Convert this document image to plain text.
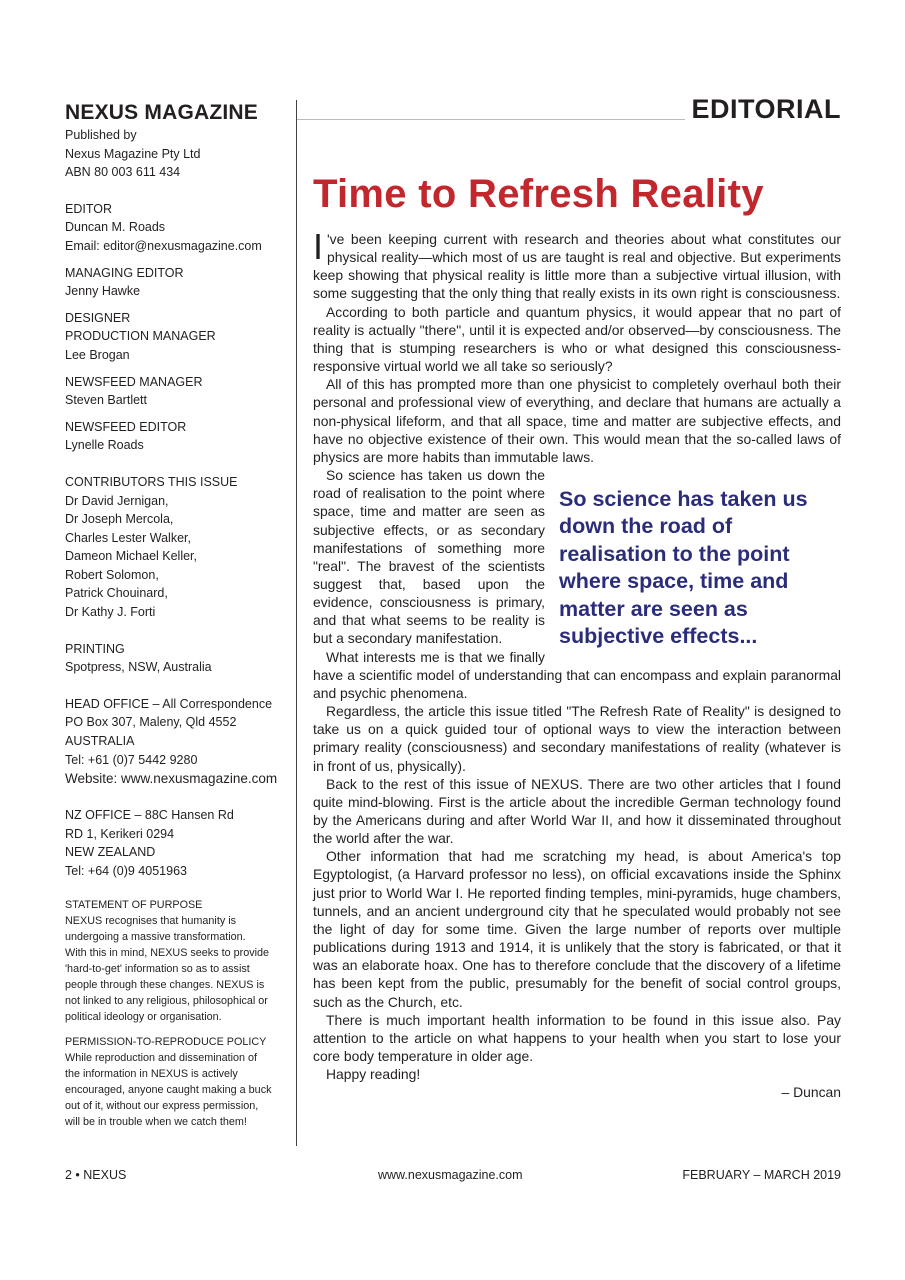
NEXUS MAGAZINE

Published by

Nexus Magazine Pty Ltd

ABN 80 003 611 434

EDITOR

Duncan M. Roads

Email: editor@nexusmagazine.com

MANAGING EDITOR

Jenny Hawke

DESIGNER

PRODUCTION MANAGER

Lee Brogan

NEWSFEED MANAGER

Steven Bartlett

NEWSFEED EDITOR

Lynelle Roads

CONTRIBUTORS THIS ISSUE

Dr David Jernigan,

Dr Joseph Mercola,

Charles Lester Walker,

Dameon Michael Keller,

Robert Solomon,

Patrick Chouinard,

Dr Kathy J. Forti

PRINTING

Spotpress, NSW, Australia

HEAD OFFICE – All Correspondence

PO Box 307, Maleny, Qld 4552

AUSTRALIA

Tel: +61 (0)7 5442 9280

Website: www.nexusmagazine.com

NZ OFFICE – 88C Hansen Rd

RD 1, Kerikeri 0294

NEW ZEALAND

Tel: +64 (0)9 4051963

STATEMENT OF PURPOSE

NEXUS recognises that humanity is

undergoing a massive transformation.

With this in mind, NEXUS seeks to provide

'hard-to-get' information so as to assist

people through these changes. NEXUS is

not linked to any religious, philosophical or

political ideology or organisation.

PERMISSION-TO-REPRODUCE POLICY

While reproduction and dissemination of

the information in NEXUS is actively

encouraged, anyone caught making a buck

out of it, without our express permission,

will be in trouble when we catch them!

EDITORIAL
Time to Refresh Reality

I 've been keeping current with research and theories about what constitutes our physical reality—which most of us are taught is real and objective. But experiments keep showing that physical reality is little more than a subjective virtual illusion, with some suggesting that the only thing that really exists in its own right is consciousness.

According to both particle and quantum physics, it would appear that no part of reality is actually "there", until it is expected and/or observed—by consciousness. The thing that is stumping researchers is who or what designed this consciousness-responsive virtual world we all take so seriously?

All of this has prompted more than one physicist to completely overhaul both their personal and professional view of everything, and declare that humans are actually a non-physical lifeform, and that all space, time and matter are subjective effects, and have no objective existence of their own. This would mean that the so-called laws of physics are more habits than immutable laws.

So science has taken us down the road of realisation to the point where space, time and matter are seen as subjective effects...

So science has taken us down the road of realisation to the point where space, time and matter are seen as subjective effects, or as secondary manifestations of something more "real". The bravest of the scientists suggest that, based upon the evidence, consciousness is primary, and that what seems to be reality is but a secondary manifestation.

What interests me is that we finally have a scientific model of understanding that can encompass and explain paranormal and psychic phenomena.

Regardless, the article this issue titled "The Refresh Rate of Reality" is designed to take us on a quick guided tour of optional ways to view the interaction between primary reality (consciousness) and secondary manifestations of reality (whatever is in front of us, physically).

Back to the rest of this issue of NEXUS. There are two other articles that I found quite mind-blowing. First is the article about the incredible German technology found by the Americans during and after World War II, and how it disseminated throughout the world after the war.

Other information that had me scratching my head, is about America's top Egyptologist, (a Harvard professor no less), on official excavations inside the Sphinx just prior to World War I. He reported finding temples, mini-pyramids, huge chambers, tunnels, and an ancient underground city that he speculated would probably not see the light of day for some time. Given the large number of reports over multiple publications during 1913 and 1914, it is unlikely that the story is fabricated, or that it was an elaborate hoax. One has to therefore conclude that the discovery of a lifetime has been kept from the public, presumably for the benefit of social control groups, such as the Church, etc.

There is much important health information to be found in this issue also. Pay attention to the article on what happens to your health when you start to lose your core body temperature in older age.

Happy reading!

– Duncan

2 • NEXUS	www.nexusmagazine.com	FEBRUARY – MARCH 2019
